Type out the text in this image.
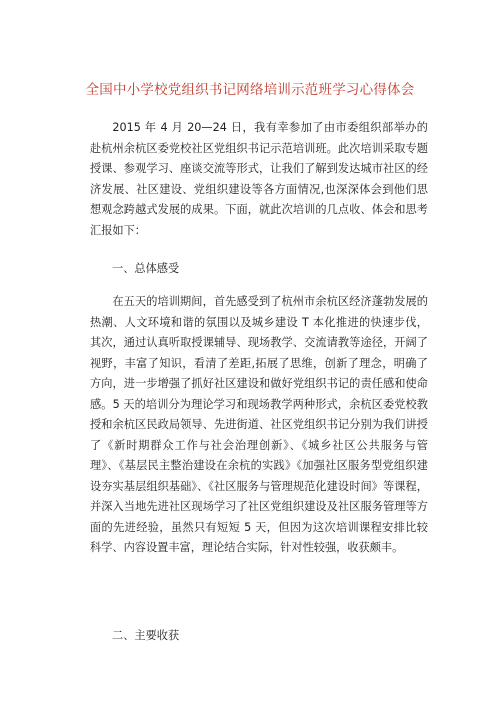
全国中小学校党组织书记网络培训示范班学习心得体会

2015 年 4 月 20—24 日，我有幸参加了由市委组织部举办的赴杭州余杭区委党校社区党组织书记示范培训班。此次培训采取专题授课、参观学习、座谈交流等形式，让我们了解到发达城市社区的经济发展、社区建设、党组织建设等各方面情况,也深深体会到他们思想观念跨越式发展的成果。下面，就此次培训的几点收、体会和思考汇报如下：

一、总体感受

在五天的培训期间，首先感受到了杭州市余杭区经济蓬勃发展的热潮、人文环境和谐的氛围以及城乡建设 T 本化推进的快速步伐，其次，通过认真听取授课辅导、现场教学、交流请教等途径，开阔了视野，丰富了知识，看清了差距,拓展了思维，创新了理念，明确了方向，进一步增强了抓好社区建设和做好党组织书记的责任感和使命感。5 天的培训分为理论学习和现场教学两种形式，余杭区委党校教授和余杭区民政局领导、先进街道、社区党组织书记分别为我们讲授了《新时期群众工作与社会治理创新》、《城乡社区公共服务与管理》、《基层民主整治建设在余杭的实践》《加强社区服务型党组织建设夯实基层组织基础》、《社区服务与管理规范化建设时间》等课程，并深入当地先进社区现场学习了社区党组织建设及社区服务管理等方面的先进经验，虽然只有短短 5 天，但因为这次培训课程安排比较科学、内容设置丰富，理论结合实际，针对性较强，收获颇丰。

二、主要收获
